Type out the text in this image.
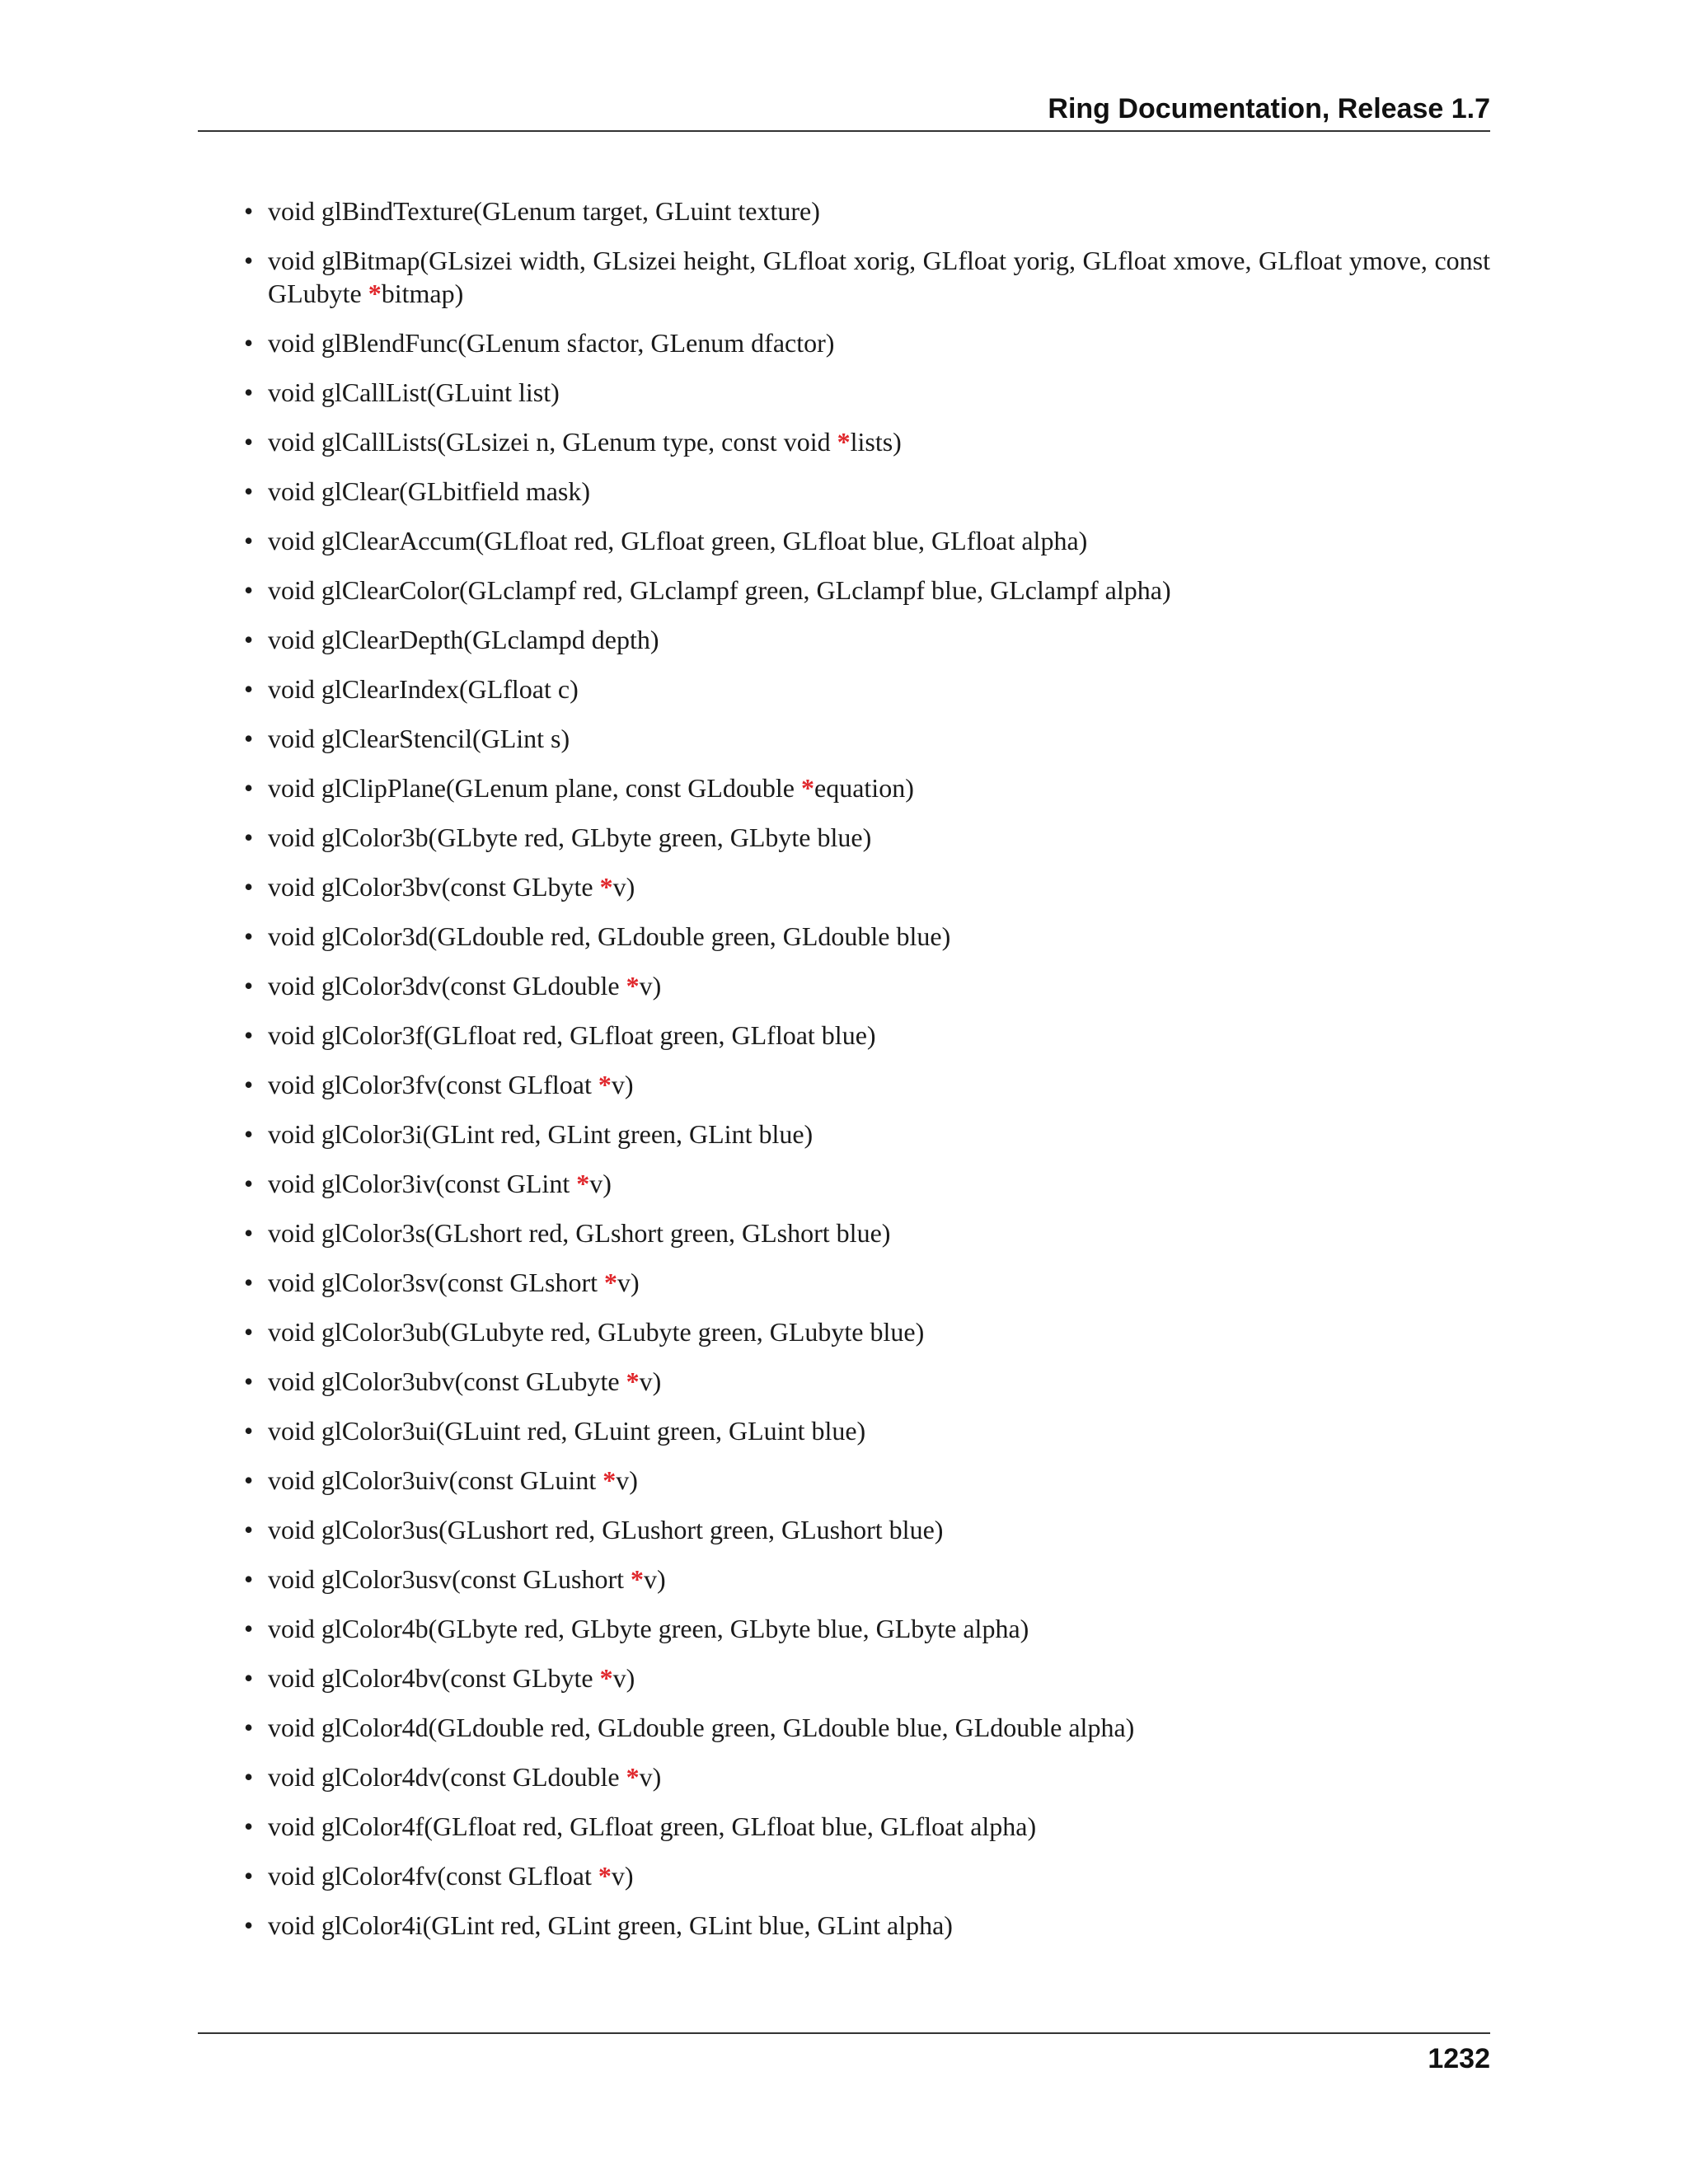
Ring Documentation, Release 1.7
• void glBindTexture(GLenum target, GLuint texture)
• void glBitmap(GLsizei width, GLsizei height, GLfloat xorig, GLfloat yorig, GLfloat xmove, GLfloat ymove, const GLubyte *bitmap)
• void glBlendFunc(GLenum sfactor, GLenum dfactor)
• void glCallList(GLuint list)
• void glCallLists(GLsizei n, GLenum type, const void *lists)
• void glClear(GLbitfield mask)
• void glClearAccum(GLfloat red, GLfloat green, GLfloat blue, GLfloat alpha)
• void glClearColor(GLclampf red, GLclampf green, GLclampf blue, GLclampf alpha)
• void glClearDepth(GLclampd depth)
• void glClearIndex(GLfloat c)
• void glClearStencil(GLint s)
• void glClipPlane(GLenum plane, const GLdouble *equation)
• void glColor3b(GLbyte red, GLbyte green, GLbyte blue)
• void glColor3bv(const GLbyte *v)
• void glColor3d(GLdouble red, GLdouble green, GLdouble blue)
• void glColor3dv(const GLdouble *v)
• void glColor3f(GLfloat red, GLfloat green, GLfloat blue)
• void glColor3fv(const GLfloat *v)
• void glColor3i(GLint red, GLint green, GLint blue)
• void glColor3iv(const GLint *v)
• void glColor3s(GLshort red, GLshort green, GLshort blue)
• void glColor3sv(const GLshort *v)
• void glColor3ub(GLubyte red, GLubyte green, GLubyte blue)
• void glColor3ubv(const GLubyte *v)
• void glColor3ui(GLuint red, GLuint green, GLuint blue)
• void glColor3uiv(const GLuint *v)
• void glColor3us(GLushort red, GLushort green, GLushort blue)
• void glColor3usv(const GLushort *v)
• void glColor4b(GLbyte red, GLbyte green, GLbyte blue, GLbyte alpha)
• void glColor4bv(const GLbyte *v)
• void glColor4d(GLdouble red, GLdouble green, GLdouble blue, GLdouble alpha)
• void glColor4dv(const GLdouble *v)
• void glColor4f(GLfloat red, GLfloat green, GLfloat blue, GLfloat alpha)
• void glColor4fv(const GLfloat *v)
• void glColor4i(GLint red, GLint green, GLint blue, GLint alpha)
1232
